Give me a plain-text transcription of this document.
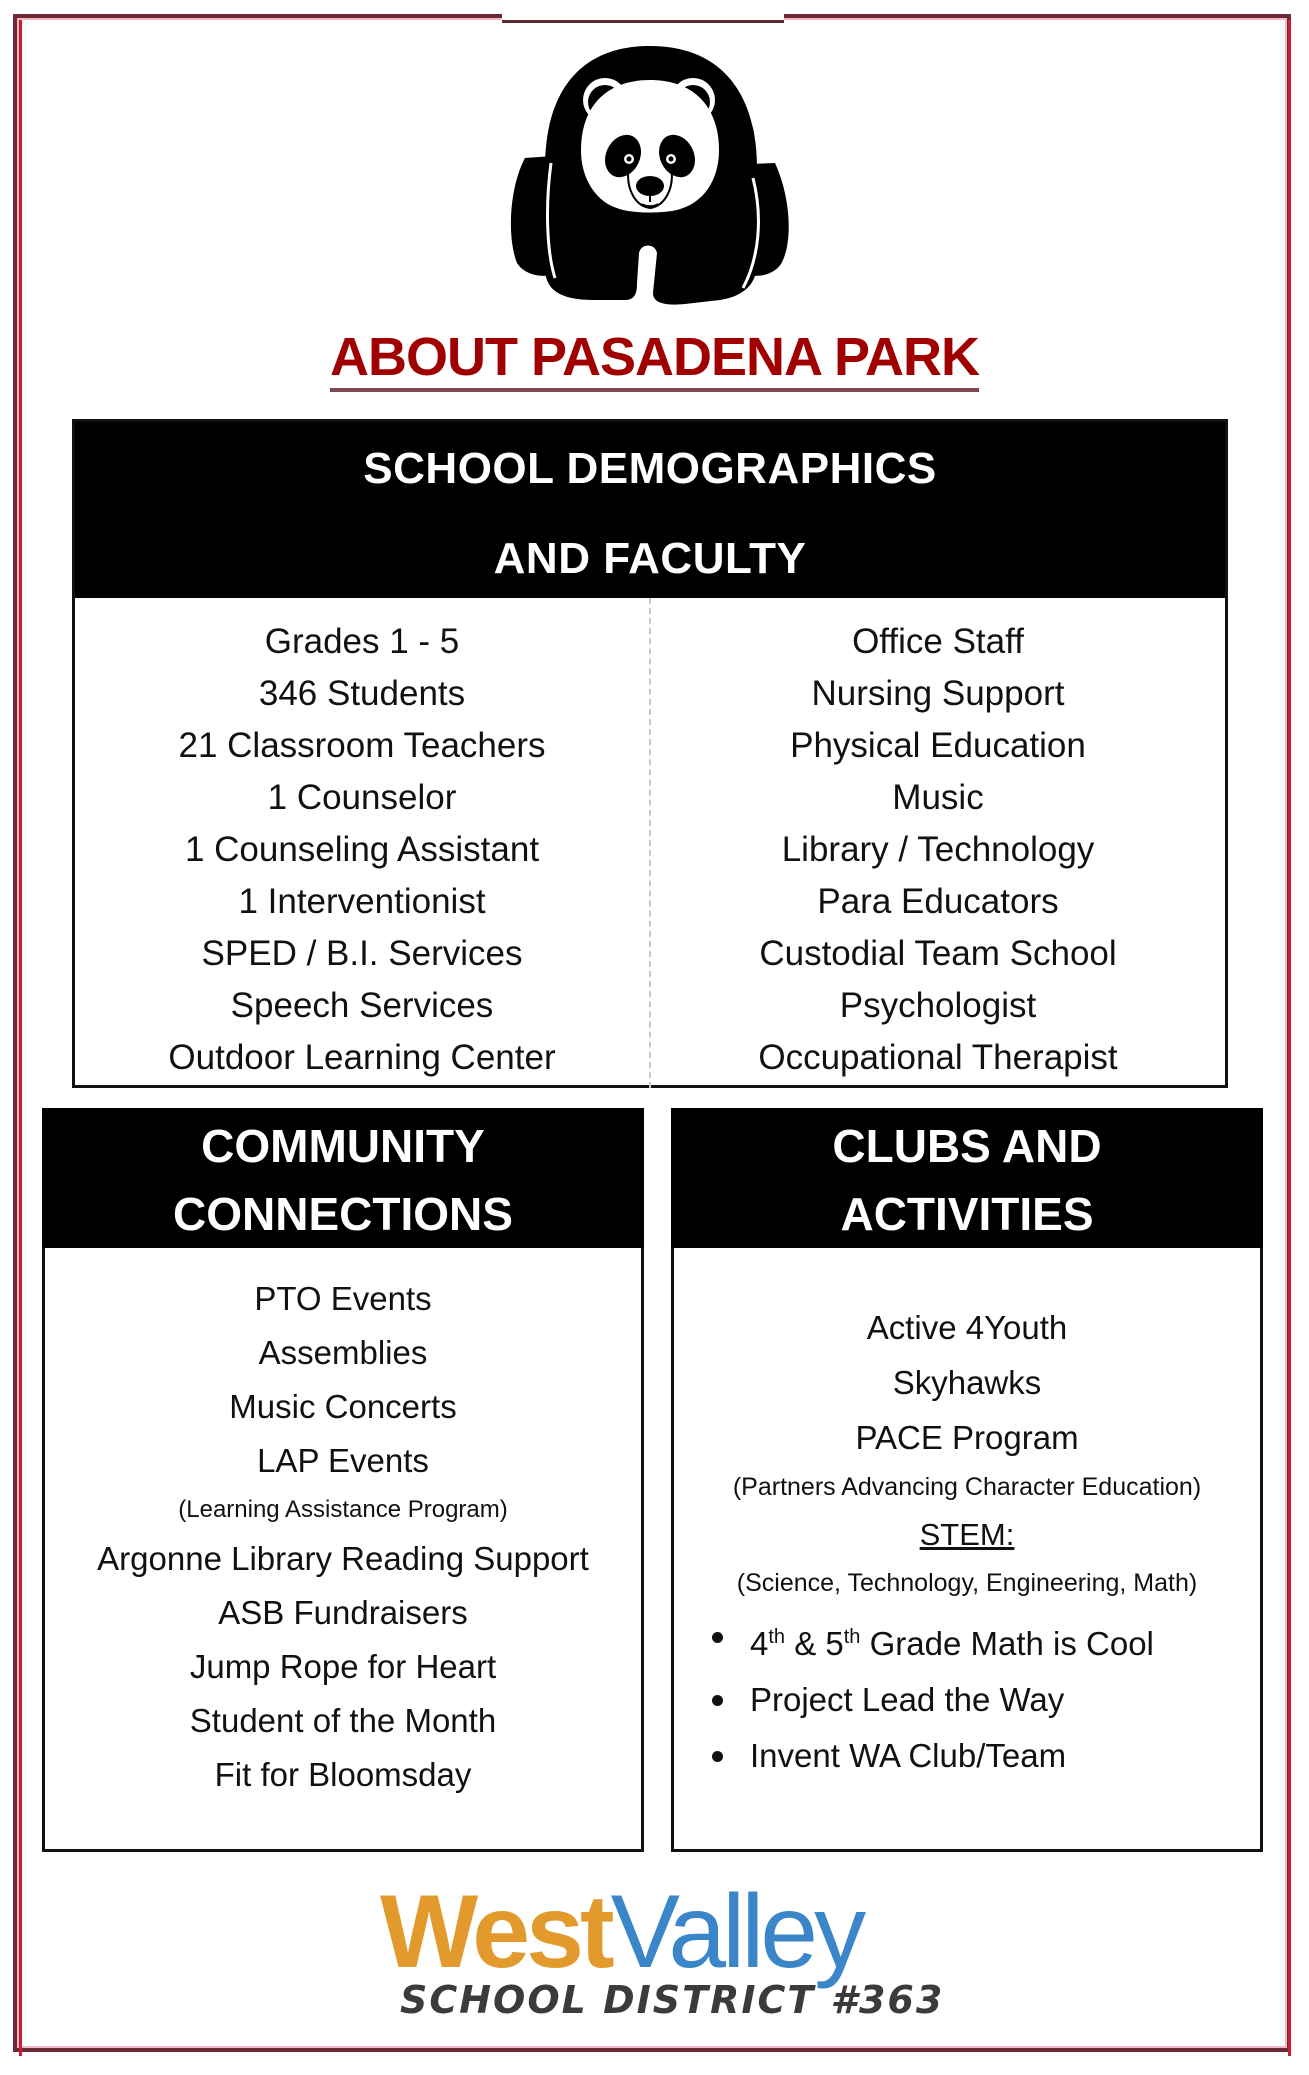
ABOUT PASADENA PARK
SCHOOL DEMOGRAPHICS
AND FACULTY
Grades 1 - 5
346 Students
21 Classroom Teachers
1 Counselor
1 Counseling Assistant
1 Interventionist
SPED / B.I. Services
Speech Services
Outdoor Learning Center
Office Staff
Nursing Support
Physical Education
Music
Library / Technology
Para Educators
Custodial Team School
Psychologist
Occupational Therapist
COMMUNITY
CONNECTIONS
PTO Events
Assemblies
Music Concerts
LAP Events
(Learning Assistance Program)
Argonne Library Reading Support
ASB Fundraisers
Jump Rope for Heart
Student of the Month
Fit for Bloomsday
CLUBS AND
ACTIVITIES
Active 4Youth
Skyhawks
PACE Program
(Partners Advancing Character Education)
STEM:
(Science, Technology, Engineering, Math)
4th & 5th Grade Math is Cool
Project Lead the Way
Invent WA Club/Team
WestValley
SCHOOL DISTRICT #363
